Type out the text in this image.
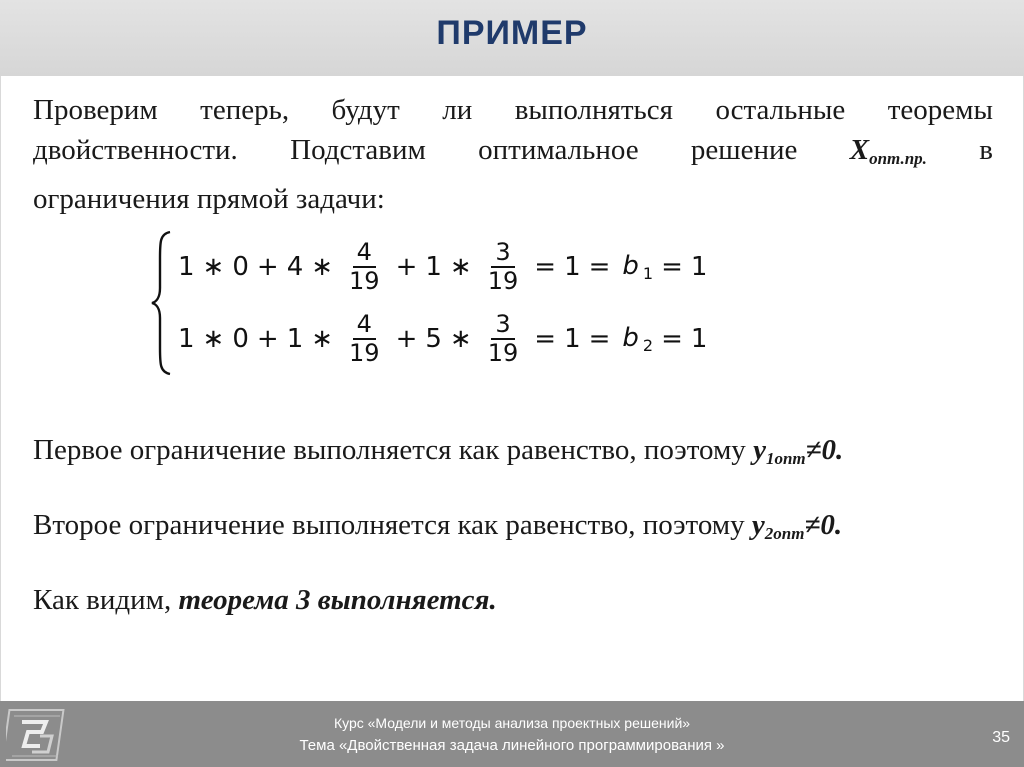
ПРИМЕР
Проверим теперь, будут ли выполняться остальные теоремы
двойственности. Подставим оптимальное решение $X_{опт.пр.}$ в
ограничения прямой задачи:
1 ∗ 0 + 4 ∗ $\frac{4}{19} + 1$ ∗ $\frac{3}{19} = 1 = b$ $_1$ = 1
1 ∗ 0 + 1 ∗ $\frac{4}{19} + 5$ ∗ $\frac{3}{19} = 1 = b$ $_2$ = 1
Первое ограничение выполняется как равенство, поэтому $y_{1опт}\ne 0$.
Второе ограничение выполняется как равенство, поэтому $y_{2опт}\ne 0$.
Как видим, теорема 3 выполняется.
Курс «Модели и методы анализа проектных решений»
Тема «Двойственная задача линейного программирования »	35
